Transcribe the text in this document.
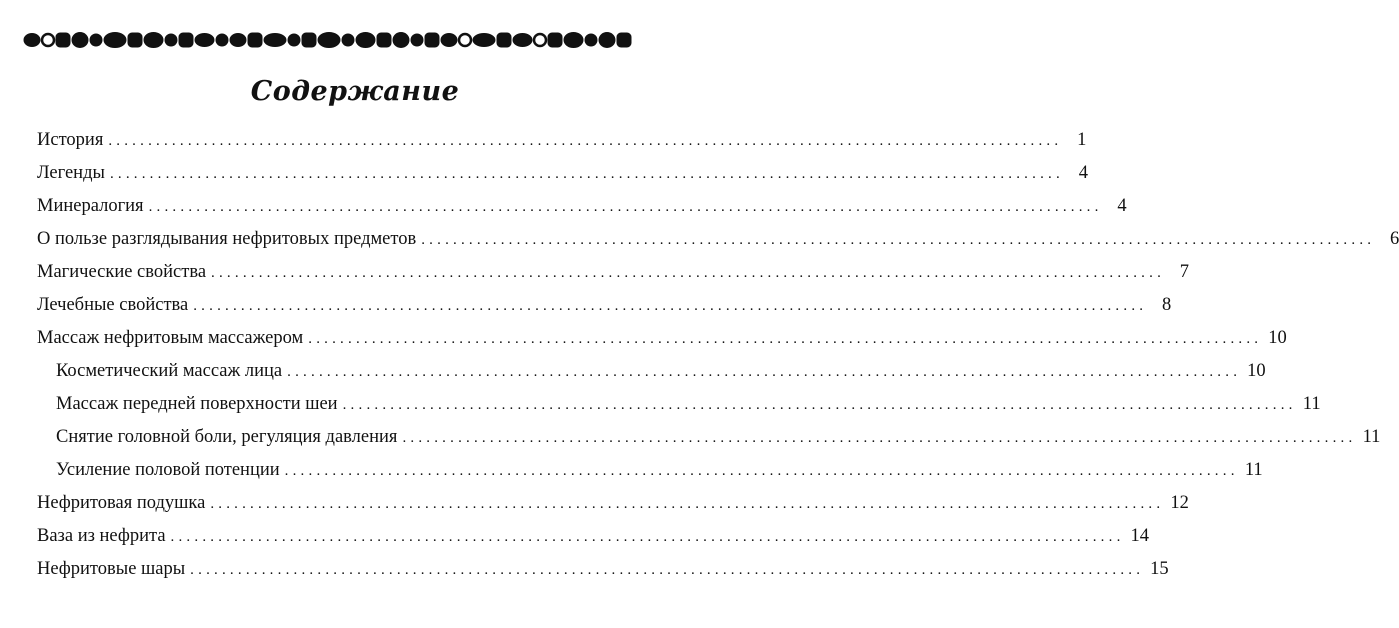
Содержание
История ........................................................................................................................ 1
Легенды ........................................................................................................................ 4
Минералогия ........................................................................................................................ 4
О пользе разглядывания нефритовых предметов ........................................................................................................................ 6
Магические свойства ........................................................................................................................ 7
Лечебные свойства ........................................................................................................................ 8
Массаж нефритовым массажером ........................................................................................................................ 10
Косметический массаж лица ........................................................................................................................ 10
Массаж передней поверхности шеи ........................................................................................................................ 11
Снятие головной боли, регуляция давления ........................................................................................................................ 11
Усиление половой потенции ........................................................................................................................ 11
Нефритовая подушка ........................................................................................................................ 12
Ваза из нефрита ........................................................................................................................ 14
Нефритовые шары ........................................................................................................................ 15
